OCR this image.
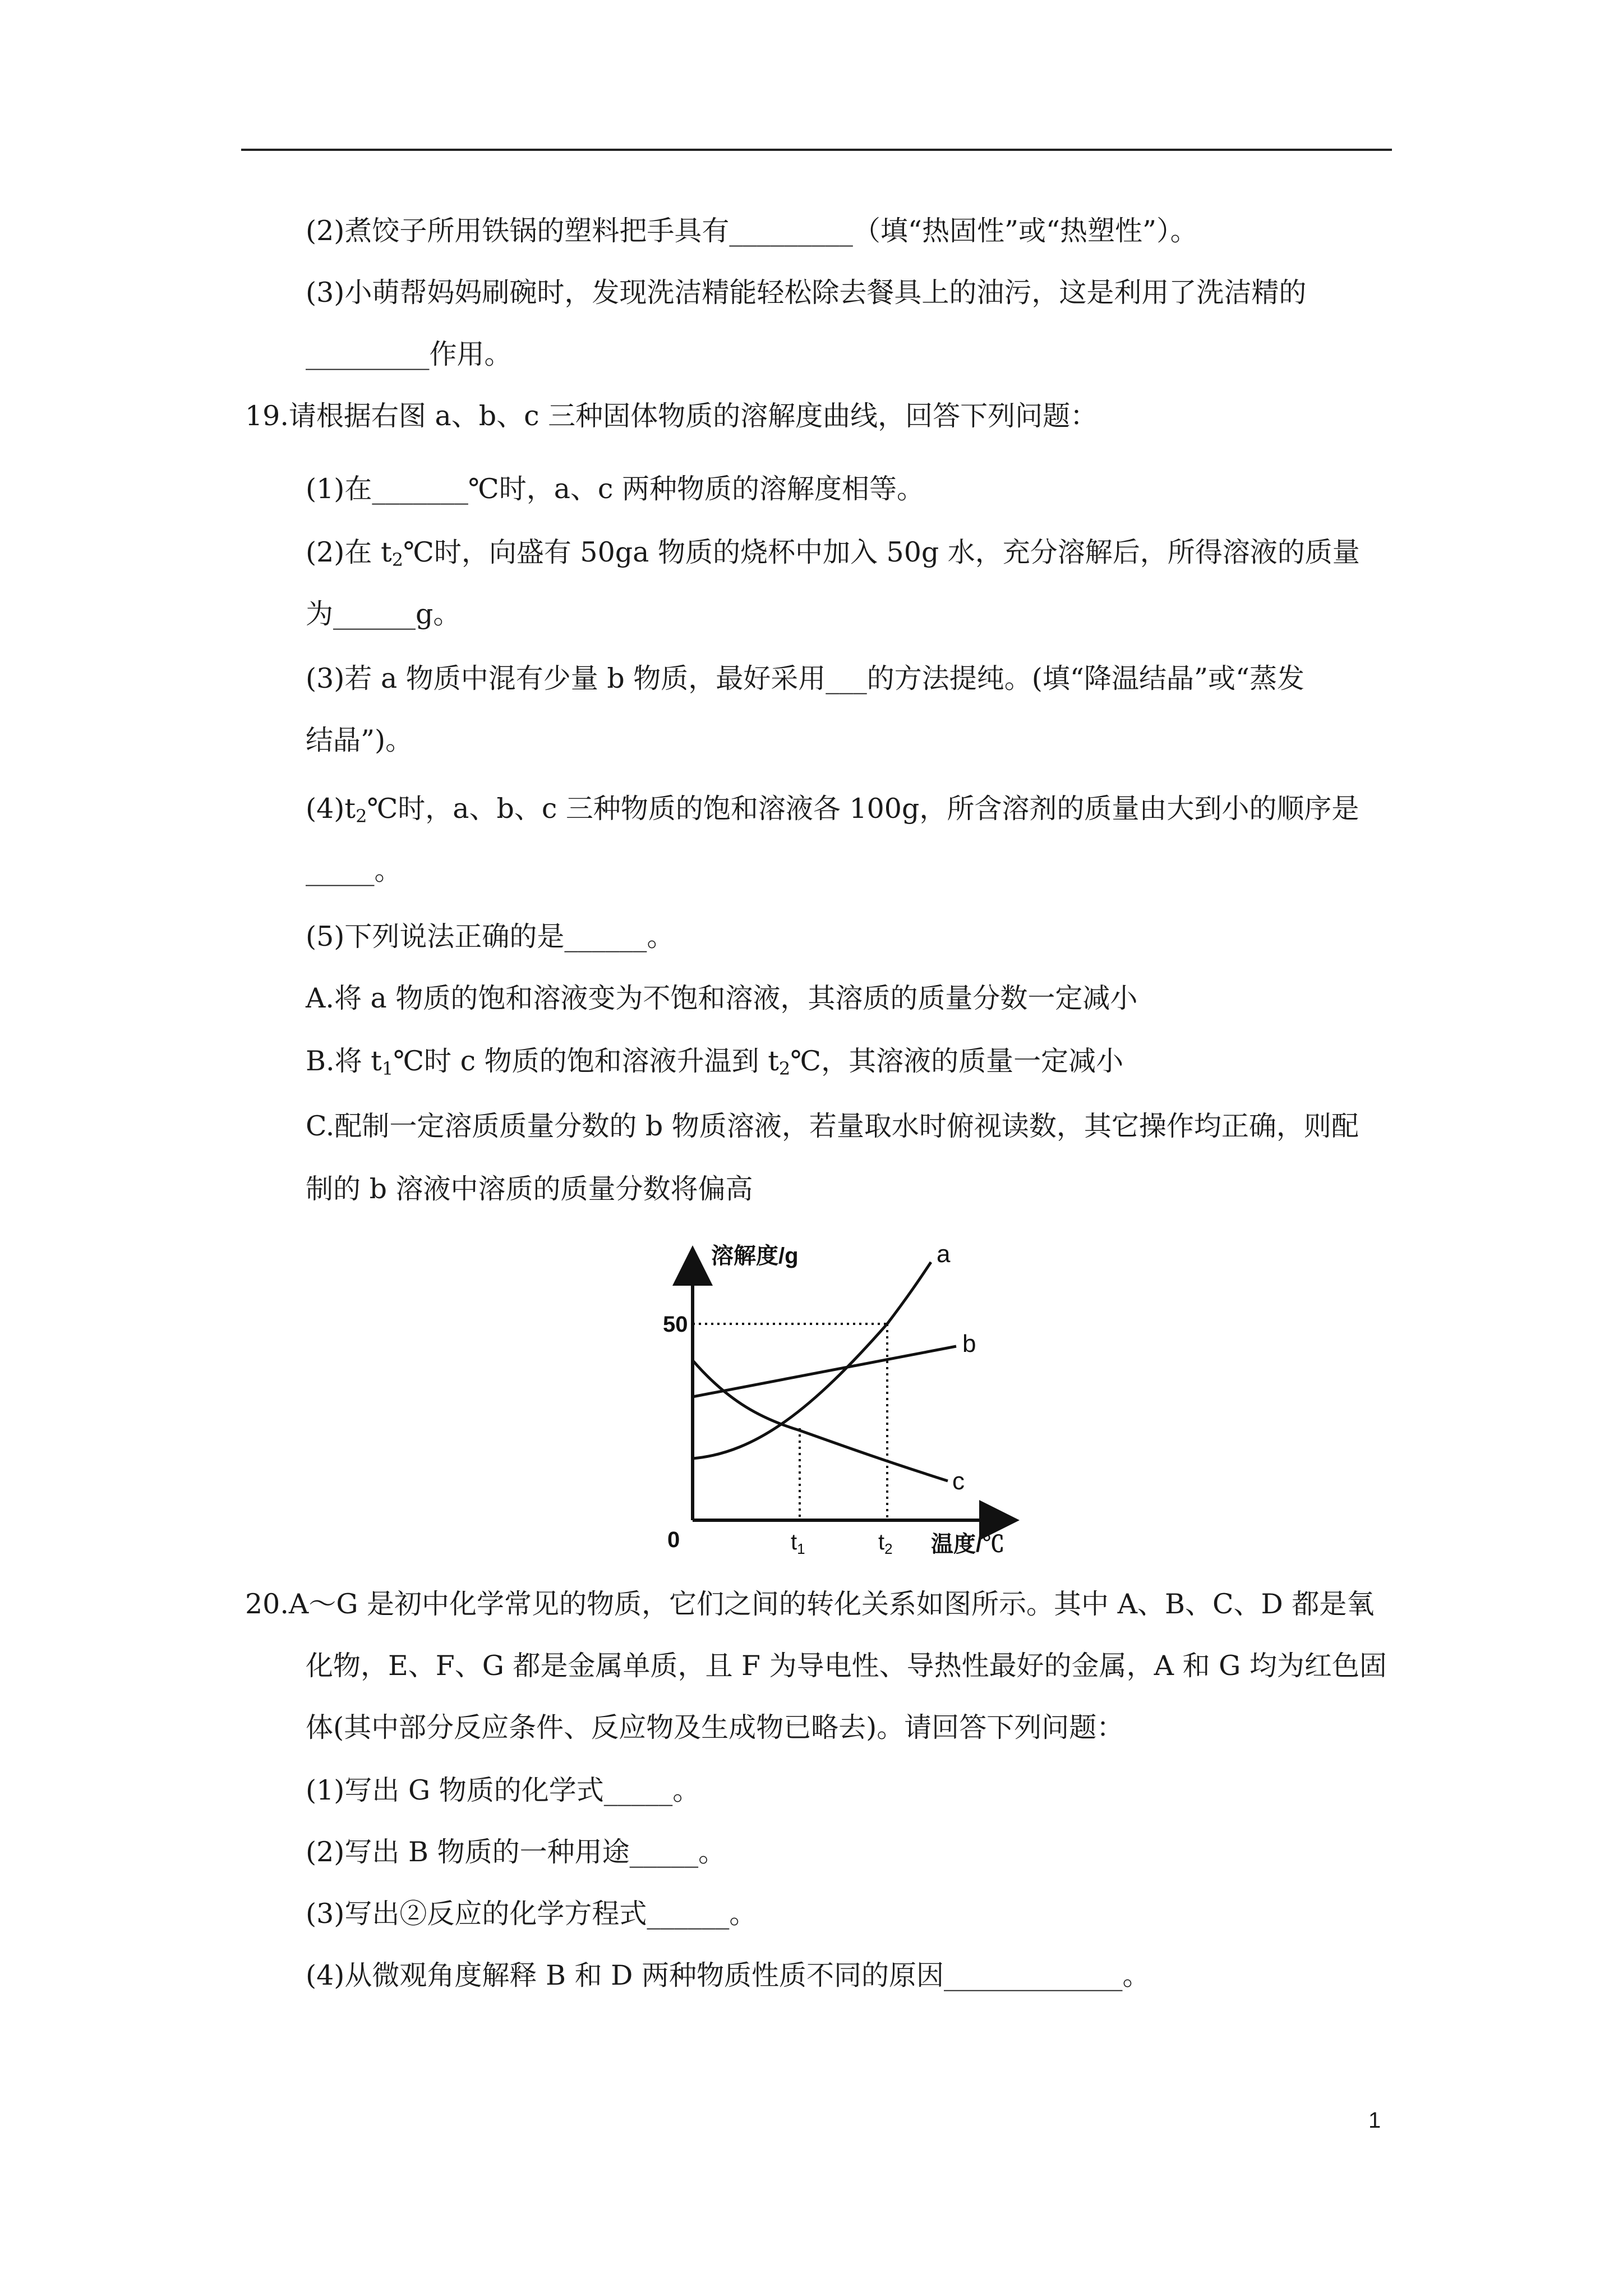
(2)煮饺子所用铁锅的塑料把手具有_________（填“热固性”或“热塑性”）。
(3)小萌帮妈妈刷碗时，发现洗洁精能轻松除去餐具上的油污，这是利用了洗洁精的
_________作用。
19.请根据右图 a、b、c 三种固体物质的溶解度曲线，回答下列问题：
(1)在_______℃时，a、c 两种物质的溶解度相等。
(2)在 $t_2℃$时，向盛有 50ga 物质的烧杯中加入 50g 水，充分溶解后，所得溶液的质量
为______g。
(3)若 a 物质中混有少量 b 物质，最好采用___的方法提纯。(填“降温结晶”或“蒸发
结晶”)。
$(4)t_2℃$时，a、b、c 三种物质的饱和溶液各 100g，所含溶剂的质量由大到小的顺序是
_____。
(5)下列说法正确的是______。
A.将 a 物质的饱和溶液变为不饱和溶液，其溶质的质量分数一定减小
B.将 $t_1℃$时 c 物质的饱和溶液升温到 $t_2℃$，其溶液的质量一定减小
C.配制一定溶质质量分数的 b 物质溶液，若量取水时俯视读数，其它操作均正确，则配
制的 b 溶液中溶质的质量分数将偏高
溶解度/g
50
0	$t_1$	$t_2$ 温度/℃
a
b
c
20.A～G 是初中化学常见的物质，它们之间的转化关系如图所示。其中 A、B、C、D 都是氧
化物，E、F、G 都是金属单质，且 F 为导电性、导热性最好的金属，A 和 G 均为红色固
体(其中部分反应条件、反应物及生成物已略去)。请回答下列问题：
(1)写出 G 物质的化学式_____。
(2)写出 B 物质的一种用途_____。
(3)写出②反应的化学方程式______。
(4)从微观角度解释 B 和 D 两种物质性质不同的原因_____________。
1
